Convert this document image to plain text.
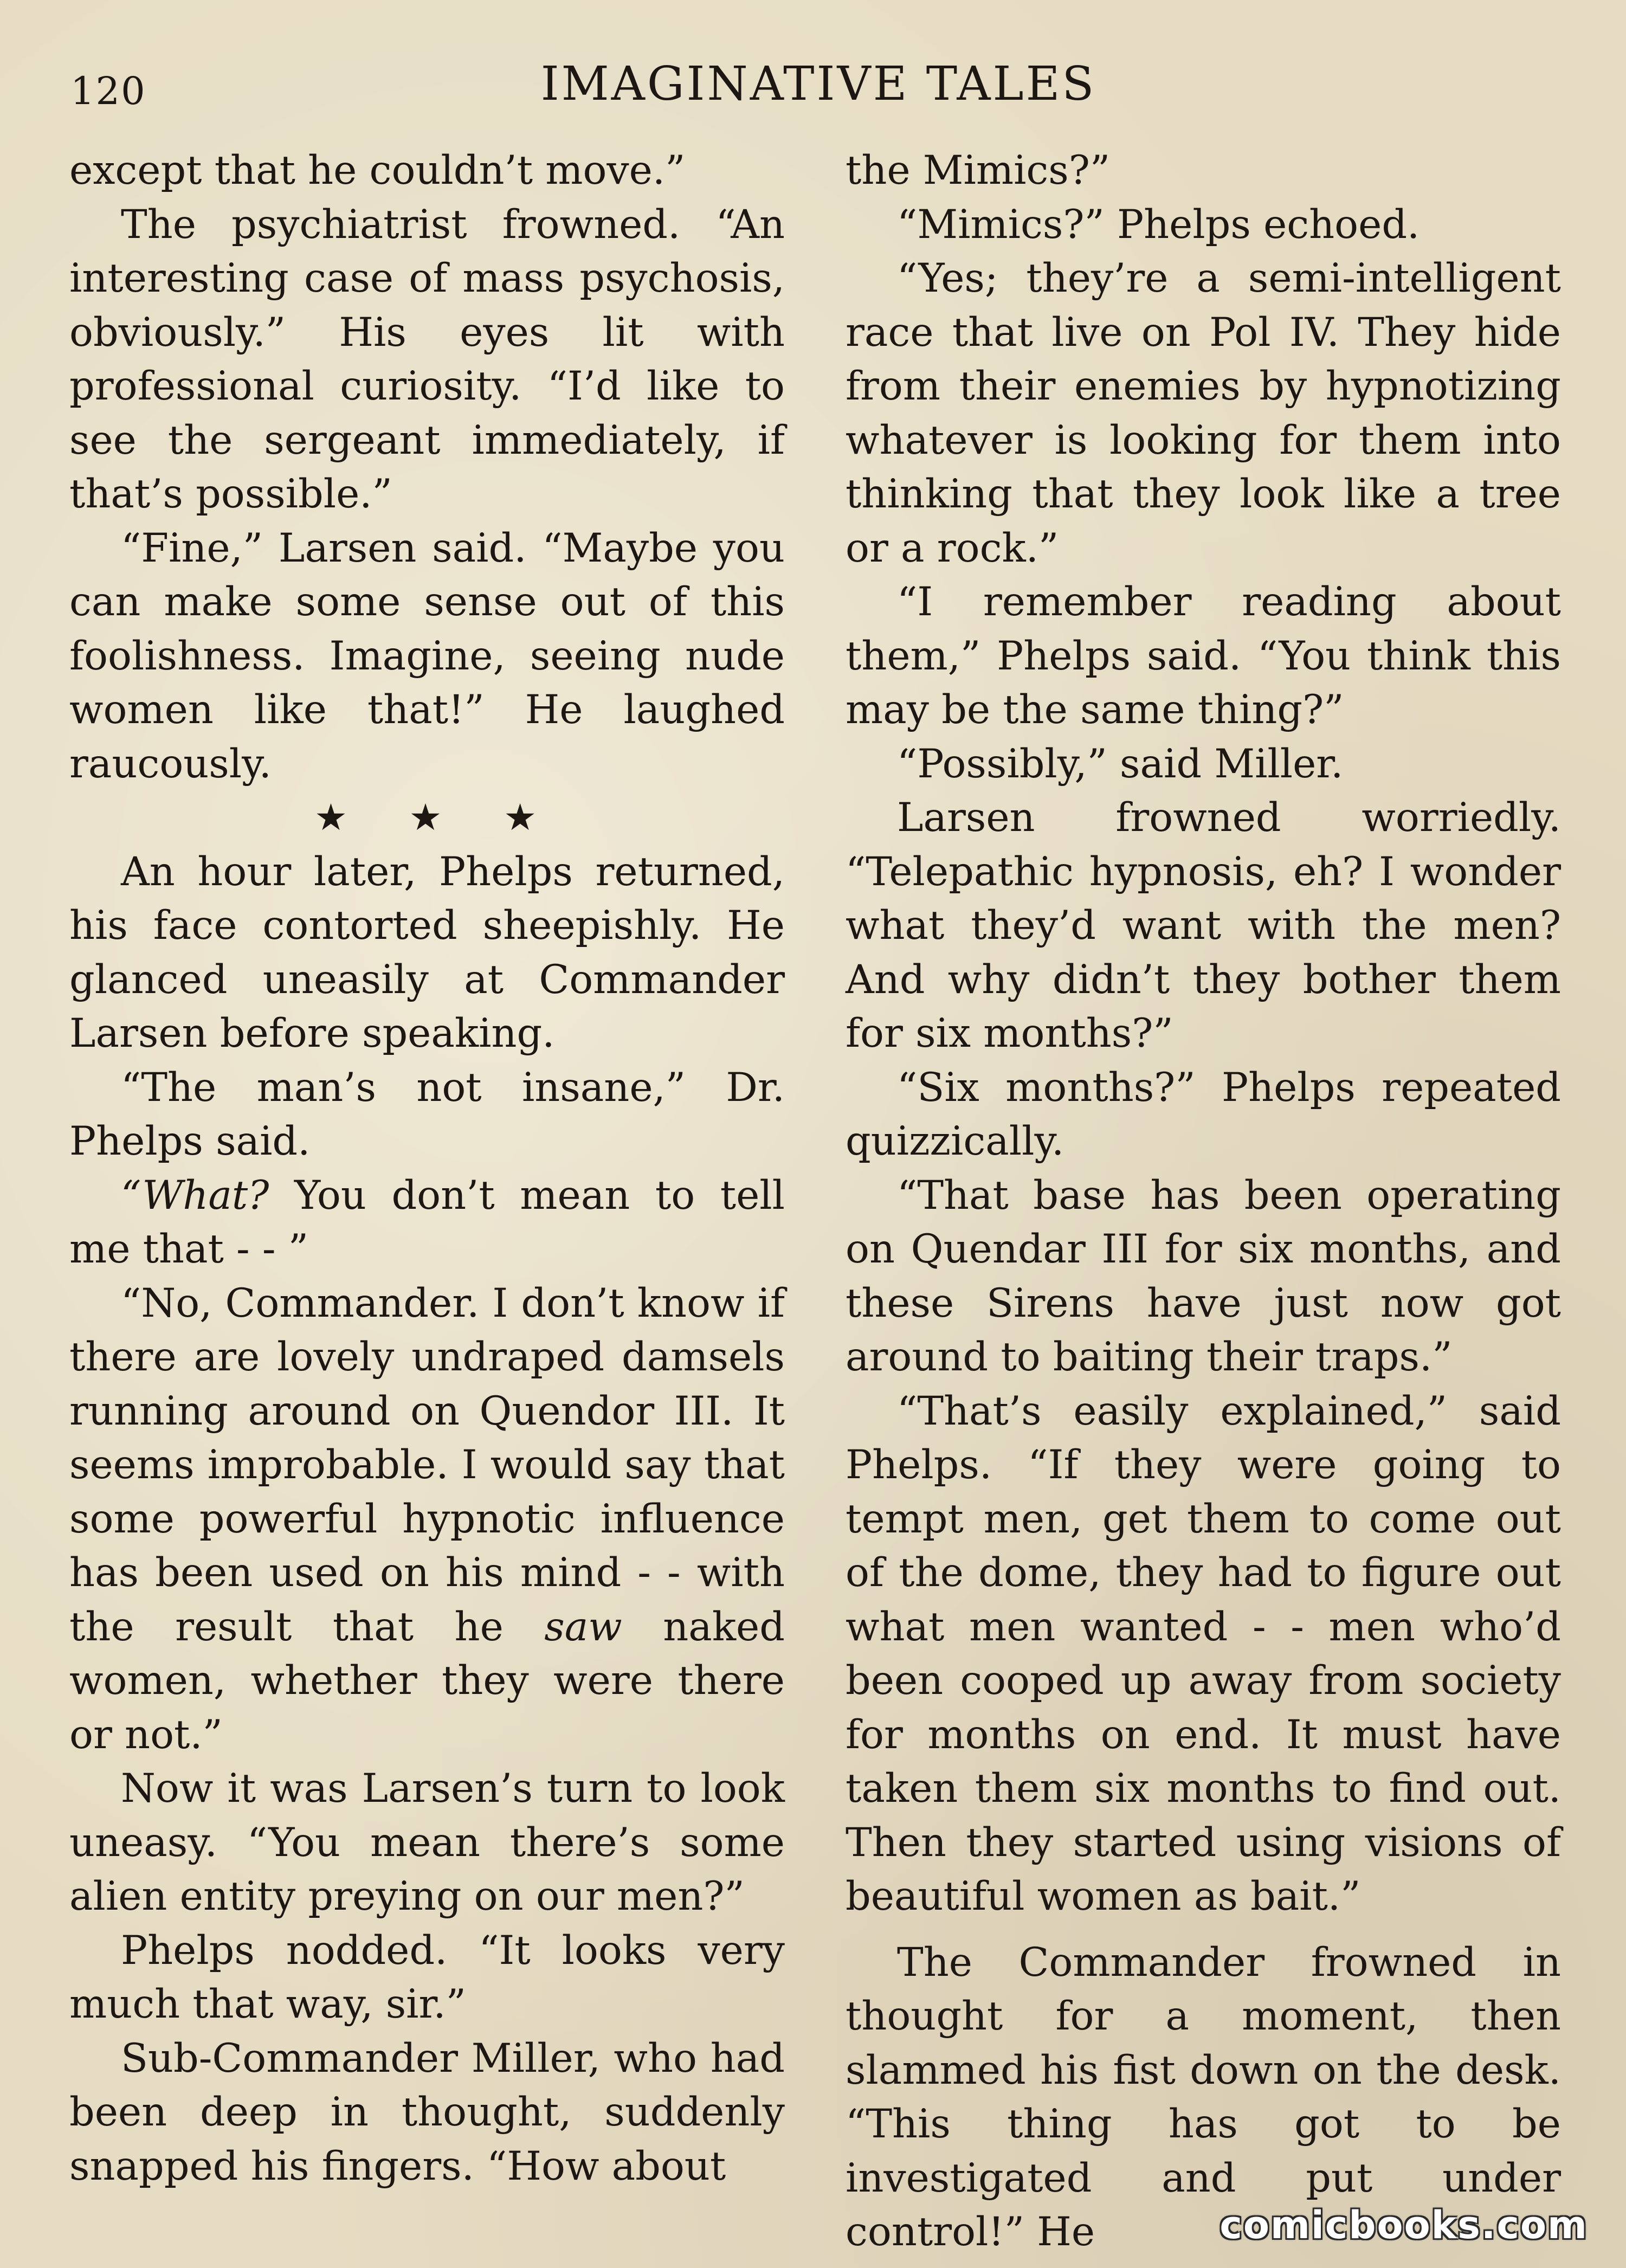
120	IMAGINATIVE TALES

except that he couldn’t move.”

The psychiatrist frowned. “An interesting case of mass psychosis, obviously.” His eyes lit with professional curiosity. “I’d like to see the sergeant immediately, if that’s possible.”

“Fine,” Larsen said. “Maybe you can make some sense out of this foolishness. Imagine, seeing nude women like that!” He laughed raucously.

★ ★ ★

An hour later, Phelps returned, his face contorted sheepishly. He glanced uneasily at Commander Larsen before speaking.

“The man’s not insane,” Dr. Phelps said.

“What? You don’t mean to tell me that - - ”

“No, Commander. I don’t know if there are lovely undraped damsels running around on Quendor III. It seems improbable. I would say that some powerful hypnotic influence has been used on his mind - - with the result that he saw naked women, whether they were there or not.”

Now it was Larsen’s turn to look uneasy. “You mean there’s some alien entity preying on our men?”

Phelps nodded. “It looks very much that way, sir.”

Sub-Commander Miller, who had been deep in thought, suddenly snapped his fingers. “How about

the Mimics?”

“Mimics?” Phelps echoed.

“Yes; they’re a semi-intelligent race that live on Pol IV. They hide from their enemies by hypnotizing whatever is looking for them into thinking that they look like a tree or a rock.”

“I remember reading about them,” Phelps said. “You think this may be the same thing?”

“Possibly,” said Miller.

Larsen frowned worriedly. “Telepathic hypnosis, eh? I wonder what they’d want with the men? And why didn’t they bother them for six months?”

“Six months?” Phelps repeated quizzically.

“That base has been operating on Quendar III for six months, and these Sirens have just now got around to baiting their traps.”

“That’s easily explained,” said Phelps. “If they were going to tempt men, get them to come out of the dome, they had to figure out what men wanted - - men who’d been cooped up away from society for months on end. It must have taken them six months to find out. Then they started using visions of beautiful women as bait.”

The Commander frowned in thought for a moment, then slammed his fist down on the desk. “This thing has got to be investigated and put under control!” He	comicbooks.com
